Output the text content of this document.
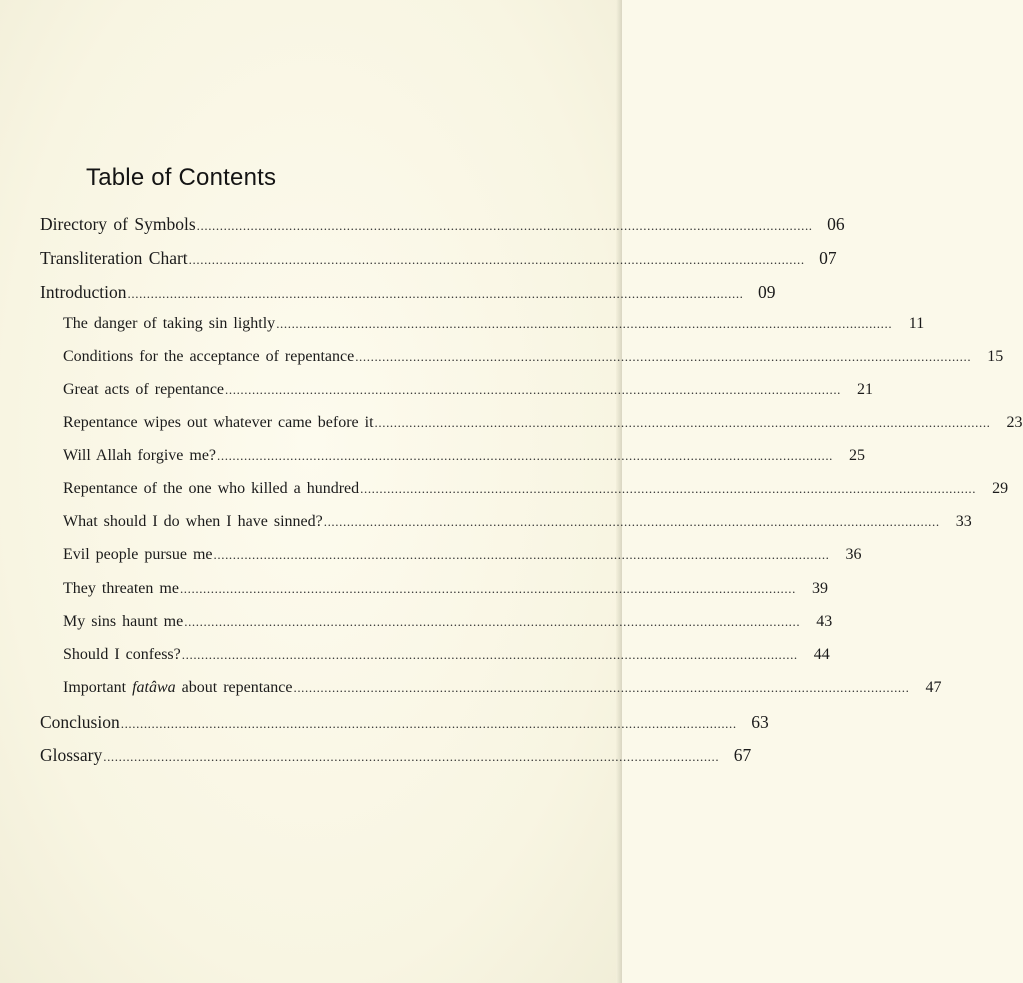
Table of Contents
Directory of Symbols ................................................................................................................................................................ 06
Transliteration Chart ................................................................................................................................................................ 07
Introduction ................................................................................................................................................................ 09
The danger of taking sin lightly ................................................................................................................................................................ 11
Conditions for the acceptance of repentance ................................................................................................................................................................ 15
Great acts of repentance ................................................................................................................................................................ 21
Repentance wipes out whatever came before it ................................................................................................................................................................ 23
Will Allah forgive me? ................................................................................................................................................................ 25
Repentance of the one who killed a hundred ................................................................................................................................................................ 29
What should I do when I have sinned? ................................................................................................................................................................ 33
Evil people pursue me ................................................................................................................................................................ 36
They threaten me ................................................................................................................................................................ 39
My sins haunt me ................................................................................................................................................................ 43
Should I confess? ................................................................................................................................................................ 44
Important fatâwa about repentance ................................................................................................................................................................ 47
Conclusion ................................................................................................................................................................ 63
Glossary ................................................................................................................................................................ 67
